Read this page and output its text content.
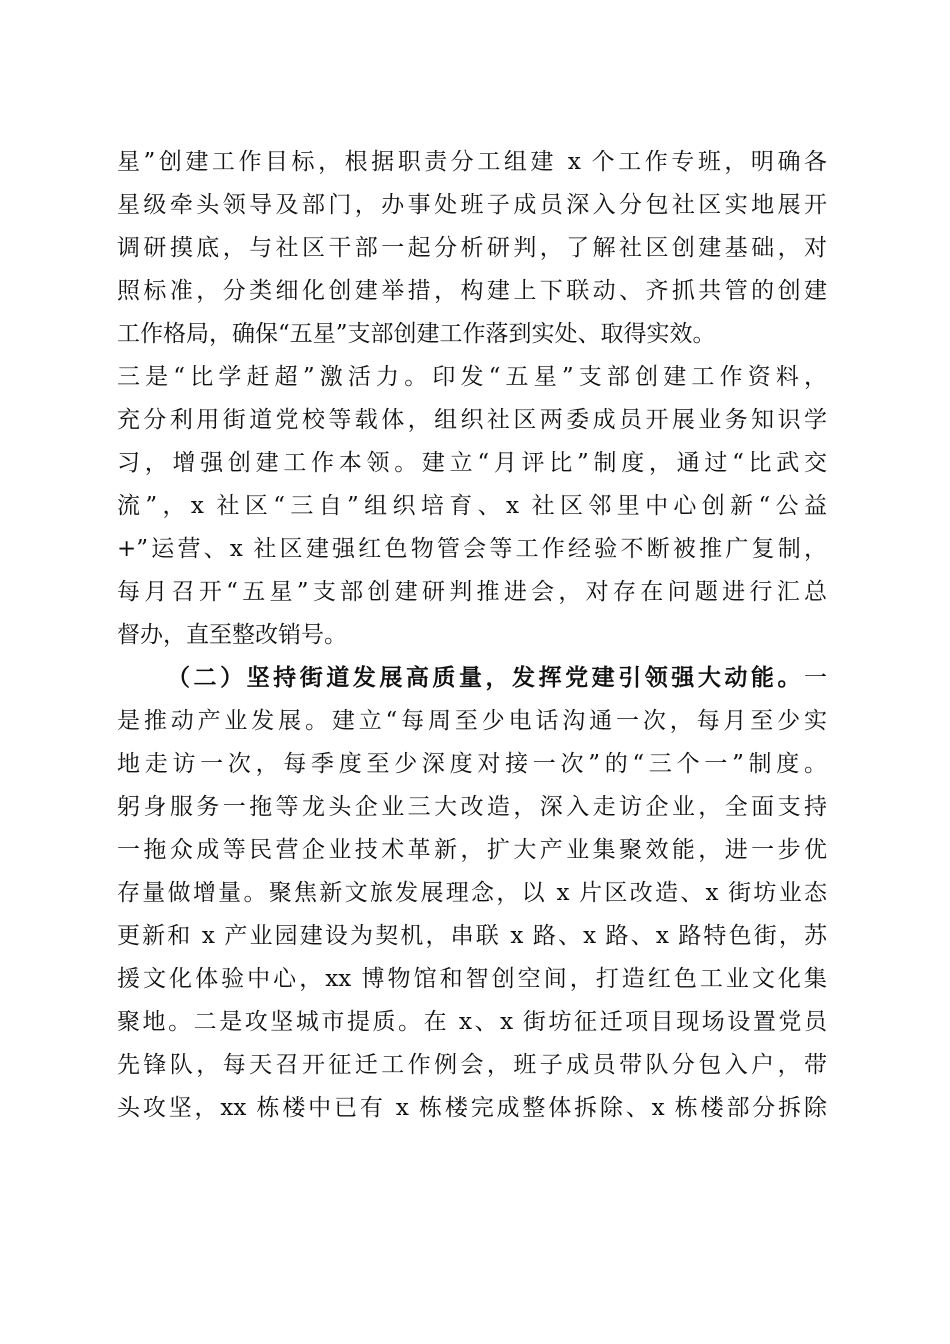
星”创建工作目标，根据职责分工组建 x 个工作专班，明确各
星级牵头领导及部门，办事处班子成员深入分包社区实地展开
调研摸底，与社区干部一起分析研判，了解社区创建基础，对
照标准，分类细化创建举措，构建上下联动、齐抓共管的创建
工作格局，确保“五星”支部创建工作落到实处、取得实效。
三是“比学赶超”激活力。印发“五星”支部创建工作资料，
充分利用街道党校等载体，组织社区两委成员开展业务知识学
习，增强创建工作本领。建立“月评比”制度，通过“比武交
流”，x 社区“三自”组织培育、x 社区邻里中心创新“公益
+”运营、x 社区建强红色物管会等工作经验不断被推广复制，
每月召开“五星”支部创建研判推进会，对存在问题进行汇总
督办，直至整改销号。
（二）坚持街道发展高质量，发挥党建引领强大动能。一
是推动产业发展。建立“每周至少电话沟通一次，每月至少实
地走访一次，每季度至少深度对接一次”的“三个一”制度。
躬身服务一拖等龙头企业三大改造，深入走访企业，全面支持
一拖众成等民营企业技术革新，扩大产业集聚效能，进一步优
存量做增量。聚焦新文旅发展理念，以 x 片区改造、x 街坊业态
更新和 x 产业园建设为契机，串联 x 路、x 路、x 路特色街，苏
援文化体验中心，xx 博物馆和智创空间，打造红色工业文化集
聚地。二是攻坚城市提质。在 x、x 街坊征迁项目现场设置党员
先锋队，每天召开征迁工作例会，班子成员带队分包入户，带
头攻坚，xx 栋楼中已有 x 栋楼完成整体拆除、x 栋楼部分拆除
